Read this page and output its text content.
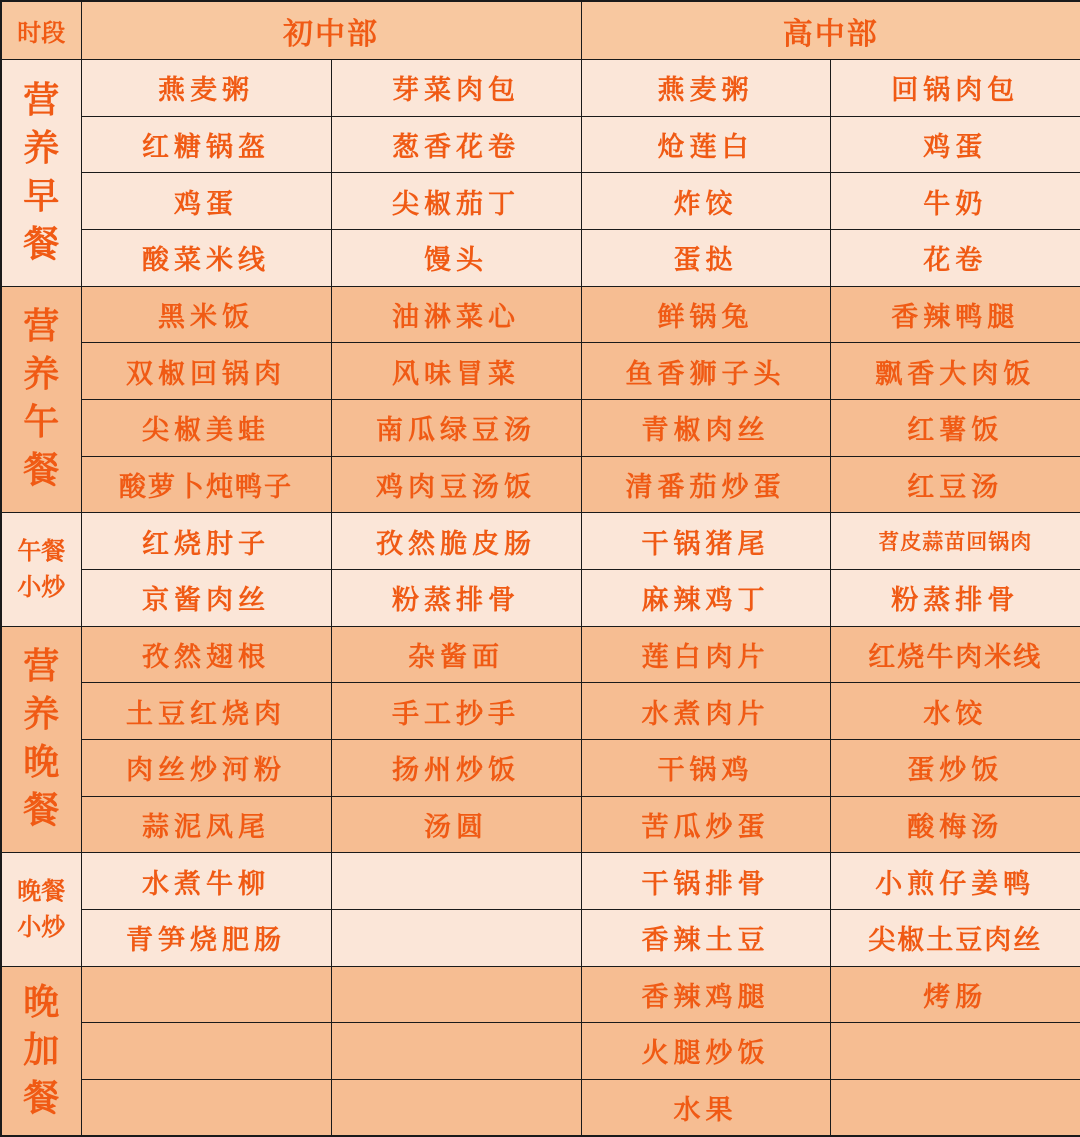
时段	初中部		高中部	

营
养
早
餐	燕麦粥	芽菜肉包	燕麦粥	回锅肉包
	红糖锅盔	葱香花卷	炝莲白	鸡蛋
	鸡蛋	尖椒茄丁	炸饺	牛奶
	酸菜米线	馒头	蛋挞	花卷

营
养
午
餐	黑米饭	油淋菜心	鲜锅兔	香辣鸭腿
	双椒回锅肉	风味冒菜	鱼香狮子头	飘香大肉饭
	尖椒美蛙	南瓜绿豆汤	青椒肉丝	红薯饭
	酸萝卜炖鸭子	鸡肉豆汤饭	清番茄炒蛋	红豆汤

午餐
小炒	红烧肘子	孜然脆皮肠	干锅猪尾	苕皮蒜苗回锅肉
	京酱肉丝	粉蒸排骨	麻辣鸡丁	粉蒸排骨

营
养
晚
餐	孜然翅根	杂酱面	莲白肉片	红烧牛肉米线
	土豆红烧肉	手工抄手	水煮肉片	水饺
	肉丝炒河粉	扬州炒饭	干锅鸡	蛋炒饭
	蒜泥凤尾	汤圆	苦瓜炒蛋	酸梅汤

晚餐
小炒	水煮牛柳		干锅排骨	小煎仔姜鸭
	青笋烧肥肠		香辣土豆	尖椒土豆肉丝

晚
加
餐			香辣鸡腿	烤肠
			火腿炒饭	
			水果	
